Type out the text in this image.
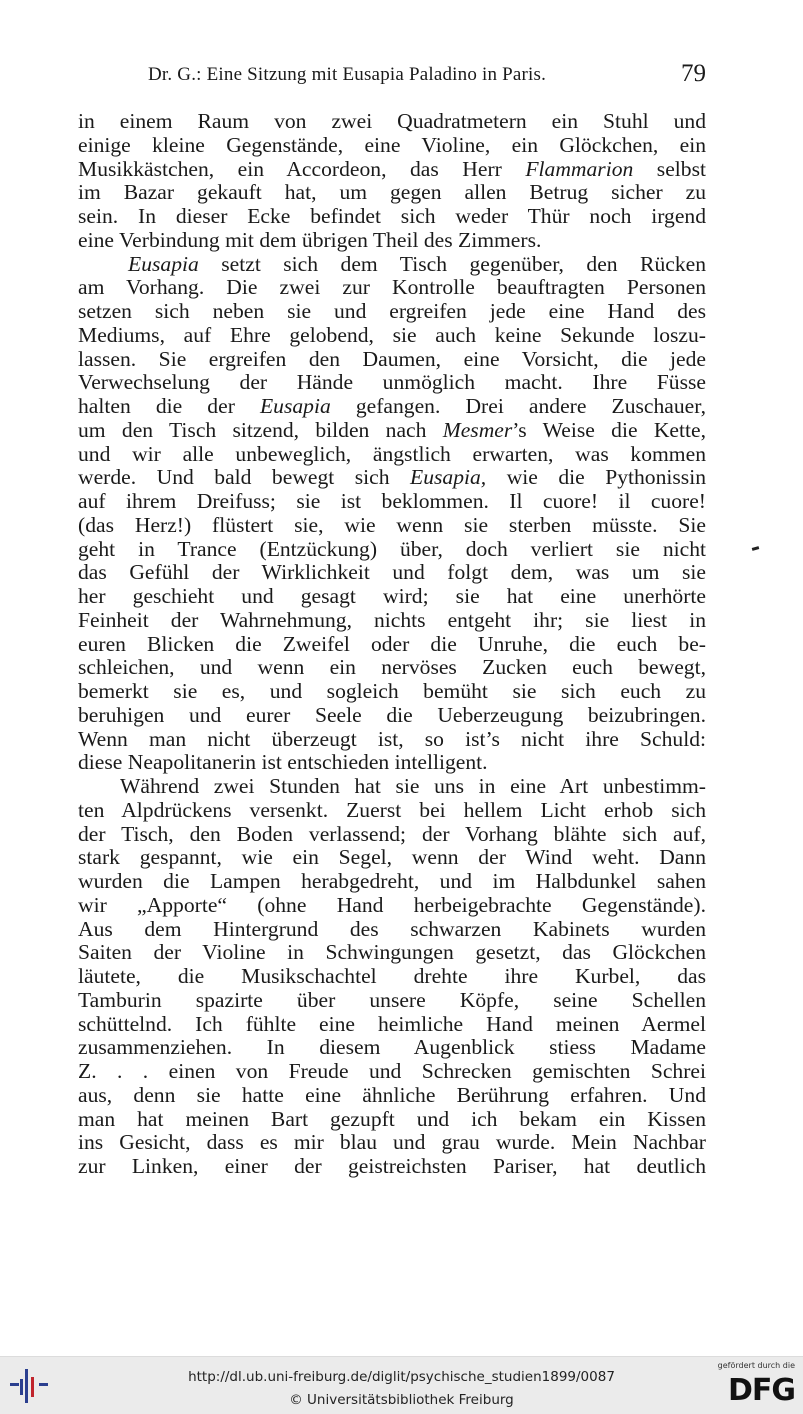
Dr. G.: Eine Sitzung mit Eusapia Paladino in Paris.	79
in einem Raum von zwei Quadratmetern ein Stuhl und
einige kleine Gegenstände, eine Violine, ein Glöckchen, ein
Musikkästchen, ein Accordeon, das Herr Flammarion selbst
im Bazar gekauft hat, um gegen allen Betrug sicher zu
sein. In dieser Ecke befindet sich weder Thür noch irgend
eine Verbindung mit dem übrigen Theil des Zimmers.
Eusapia setzt sich dem Tisch gegenüber, den Rücken
am Vorhang. Die zwei zur Kontrolle beauftragten Personen
setzen sich neben sie und ergreifen jede eine Hand des
Mediums, auf Ehre gelobend, sie auch keine Sekunde loszu-
lassen. Sie ergreifen den Daumen, eine Vorsicht, die jede
Verwechselung der Hände unmöglich macht. Ihre Füsse
halten die der Eusapia gefangen. Drei andere Zuschauer,
um den Tisch sitzend, bilden nach Mesmer’s Weise die Kette,
und wir alle unbeweglich, ängstlich erwarten, was kommen
werde. Und bald bewegt sich Eusapia, wie die Pythonissin
auf ihrem Dreifuss; sie ist beklommen. Il cuore! il cuore!
(das Herz!) flüstert sie, wie wenn sie sterben müsste. Sie
geht in Trance (Entzückung) über, doch verliert sie nicht
das Gefühl der Wirklichkeit und folgt dem, was um sie
her geschieht und gesagt wird; sie hat eine unerhörte
Feinheit der Wahrnehmung, nichts entgeht ihr; sie liest in
euren Blicken die Zweifel oder die Unruhe, die euch be-
schleichen, und wenn ein nervöses Zucken euch bewegt,
bemerkt sie es, und sogleich bemüht sie sich euch zu
beruhigen und eurer Seele die Ueberzeugung beizubringen.
Wenn man nicht überzeugt ist, so ist’s nicht ihre Schuld:
diese Neapolitanerin ist entschieden intelligent.
Während zwei Stunden hat sie uns in eine Art unbestimm-
ten Alpdrückens versenkt. Zuerst bei hellem Licht erhob sich
der Tisch, den Boden verlassend; der Vorhang blähte sich auf,
stark gespannt, wie ein Segel, wenn der Wind weht. Dann
wurden die Lampen herabgedreht, und im Halbdunkel sahen
wir „Apporte“ (ohne Hand herbeigebrachte Gegenstände).
Aus dem Hintergrund des schwarzen Kabinets wurden
Saiten der Violine in Schwingungen gesetzt, das Glöckchen
läutete, die Musikschachtel drehte ihre Kurbel, das
Tamburin spazirte über unsere Köpfe, seine Schellen
schüttelnd. Ich fühlte eine heimliche Hand meinen Aermel
zusammenziehen. In diesem Augenblick stiess Madame
Z. . . einen von Freude und Schrecken gemischten Schrei
aus, denn sie hatte eine ähnliche Berührung erfahren. Und
man hat meinen Bart gezupft und ich bekam ein Kissen
ins Gesicht, dass es mir blau und grau wurde. Mein Nachbar
zur Linken, einer der geistreichsten Pariser, hat deutlich
http://dl.ub.uni-freiburg.de/diglit/psychische_studien1899/0087
© Universitätsbibliothek Freiburg
gefördert durch die
DFG
